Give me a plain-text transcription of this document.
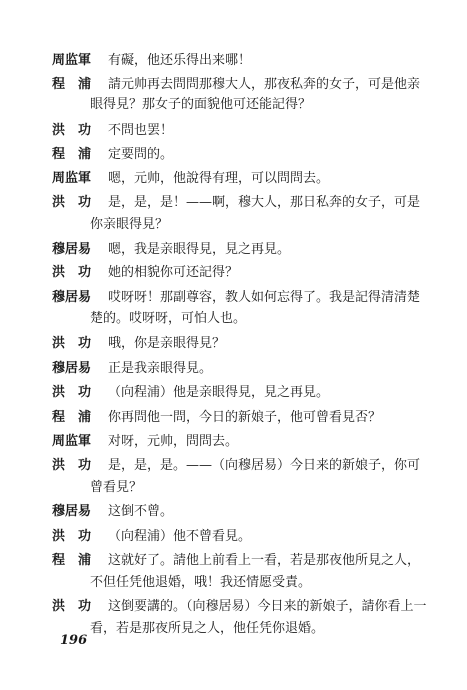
周监軍	有礙，他还乐得出来哪！
程　浦	請元帅再去問問那穆大人，那夜私奔的女子，可是他亲
眼得見？那女子的面貌他可还能記得？
洪　功	不問也罢！
程　浦	定要問的。
周监軍	嗯，元帅，他說得有理，可以問問去。
洪　功	是，是，是！——啊，穆大人，那日私奔的女子，可是
你亲眼得見？
穆居易	嗯，我是亲眼得見，見之再見。
洪　功	她的相貌你可还記得？
穆居易	哎呀呀！那副尊容，教人如何忘得了。我是記得清清楚
楚的。哎呀呀，可怕人也。
洪　功	哦，你是亲眼得見？
穆居易	正是我亲眼得見。
洪　功	（向程浦）他是亲眼得見，見之再見。
程　浦	你再問他一問，今日的新娘子，他可曾看見否？
周监軍	对呀，元帅，問問去。
洪　功	是，是，是。——（向穆居易）今日来的新娘子，你可
曾看見？
穆居易	这倒不曾。
洪　功	（向程浦）他不曾看見。
程　浦	这就好了。請他上前看上一看，若是那夜他所見之人，
不但任凭他退婚，哦！我还情愿受責。
洪　功	这倒要講的。（向穆居易）今日来的新娘子，請你看上一
看，若是那夜所見之人，他任凭你退婚。
196
